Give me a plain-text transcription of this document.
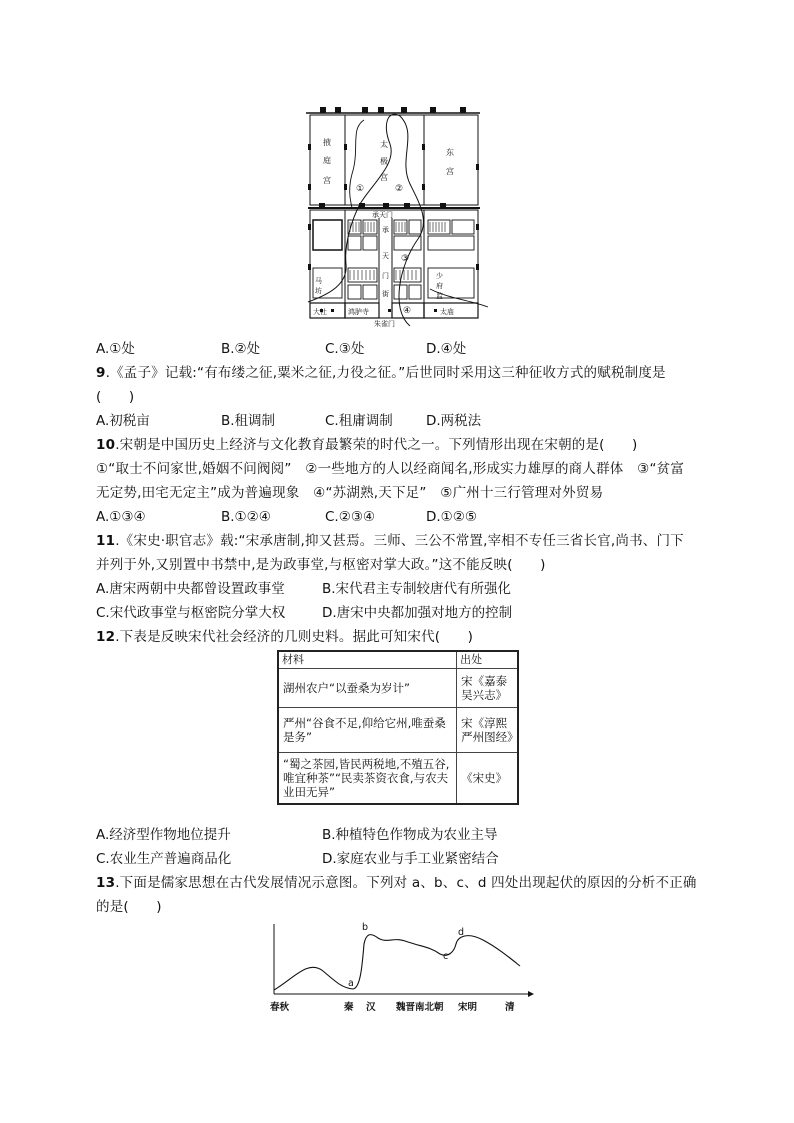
掖
庭
宫
太
极
宫
东
宫
①	②
③
④
承天门
承
天
门
街
马
坊
少
府
监
大社	鸿胪寺	太庙
朱雀门
A.①处	B.②处	C.③处	D.④处
9.《孟子》记载:“有布缕之征,粟米之征,力役之征。”后世同时采用这三种征收方式的赋税制度是
(　　)
A.初税亩	B.租调制	C.租庸调制 D.两税法
10.宋朝是中国历史上经济与文化教育最繁荣的时代之一。下列情形出现在宋朝的是(　　)
①“取士不问家世,婚姻不问阀阅”　②一些地方的人以经商闻名,形成实力雄厚的商人群体　③“贫富
无定势,田宅无定主”成为普遍现象　④“苏湖熟,天下足”　⑤广州十三行管理对外贸易
A.①③④	B.①②④	C.②③④	D.①②⑤
11.《宋史·职官志》载:“宋承唐制,抑又甚焉。三师、三公不常置,宰相不专任三省长官,尚书、门下
并列于外,又别置中书禁中,是为政事堂,与枢密对掌大政。”这不能反映(　　)
A.唐宋两朝中央都曾设置政事堂	B.宋代君主专制较唐代有所强化
C.宋代政事堂与枢密院分掌大权	D.唐宋中央都加强对地方的控制
12.下表是反映宋代社会经济的几则史料。据此可知宋代(　　)
材料	出处
湖州农户“以蚕桑为岁计”	宋《嘉泰吴兴志》
严州“谷食不足,仰给它州,唯蚕桑是务”	宋《淳熙严州图经》
“蜀之茶园,皆民两税地,不殖五谷,唯宜种茶”“民卖茶资衣食,与农夫业田无异”	《宋史》
A.经济型作物地位提升	B.种植特色作物成为农业主导
C.农业生产普遍商品化	D.家庭农业与手工业紧密结合
13.下面是儒家思想在古代发展情况示意图。下列对 a、b、c、d 四处出现起伏的原因的分析不正确
的是(　　)
春秋	秦 汉 魏晋南北朝 宋明	清
a
b
c
d
